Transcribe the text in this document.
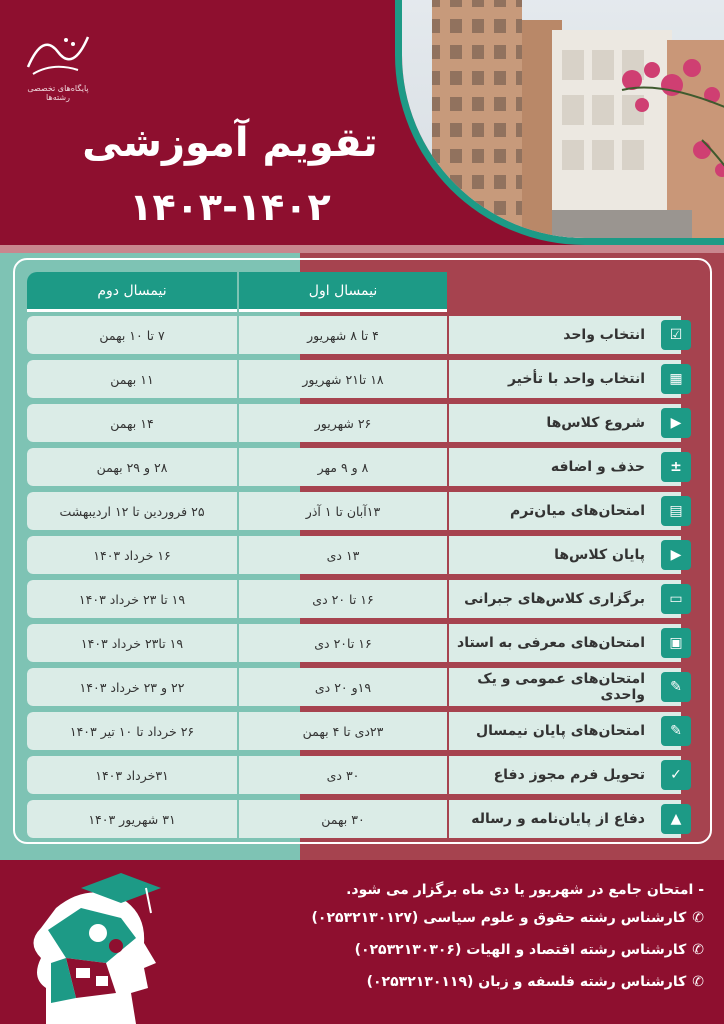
پایگاه‌های تخصصی رشته‌ها
تقویم آموزشی
۱۴۰۳-۱۴۰۲
نیمسال دوم	نیمسال اول
۷ تا ۱۰ بهمن	۴ تا ۸ شهریور	انتخاب واحد	☑
۱۱ بهمن	۱۸ تا۲۱ شهریور	انتخاب واحد با تأخیر	▦
۱۴ بهمن	۲۶ شهریور	شروع کلاس‌ها	▶
۲۸ و ۲۹ بهمن	۸ و ۹ مهر	حذف و اضافه	±
۲۵ فروردین تا ۱۲ اردیبهشت	۱۳آبان تا ۱ آذر	امتحان‌های میان‌ترم	▤
۱۶ خرداد ۱۴۰۳	۱۳ دی	پایان کلاس‌ها	▶
۱۹ تا ۲۳ خرداد ۱۴۰۳	۱۶ تا ۲۰ دی	برگزاری کلاس‌های جبرانی	▭
۱۹ تا۲۳ خرداد ۱۴۰۳	۱۶ تا۲۰ دی	امتحان‌های معرفی به استاد	▣
۲۲ و ۲۳ خرداد ۱۴۰۳	۱۹و ۲۰ دی	امتحان‌های عمومی و یک واحدی	✎
۲۶ خرداد تا ۱۰ تیر ۱۴۰۳	۲۳دی تا ۴ بهمن	امتحان‌های پایان نیمسال	✎
۳۱خرداد ۱۴۰۳	۳۰ دی	تحویل فرم مجوز دفاع	✓
۳۱ شهریور ۱۴۰۳	۳۰ بهمن	دفاع از پایان‌نامه و رساله	▲
- امتحان جامع در شهریور یا دی ماه برگزار می شود.
✆کارشناس رشته حقوق و علوم سیاسی (۰۲۵۳۲۱۳۰۱۲۷)
✆کارشناس رشته اقتصاد و الهیات (۰۲۵۳۲۱۳۰۳۰۶)
✆کارشناس رشته فلسفه و زبان (۰۲۵۳۲۱۳۰۱۱۹)
